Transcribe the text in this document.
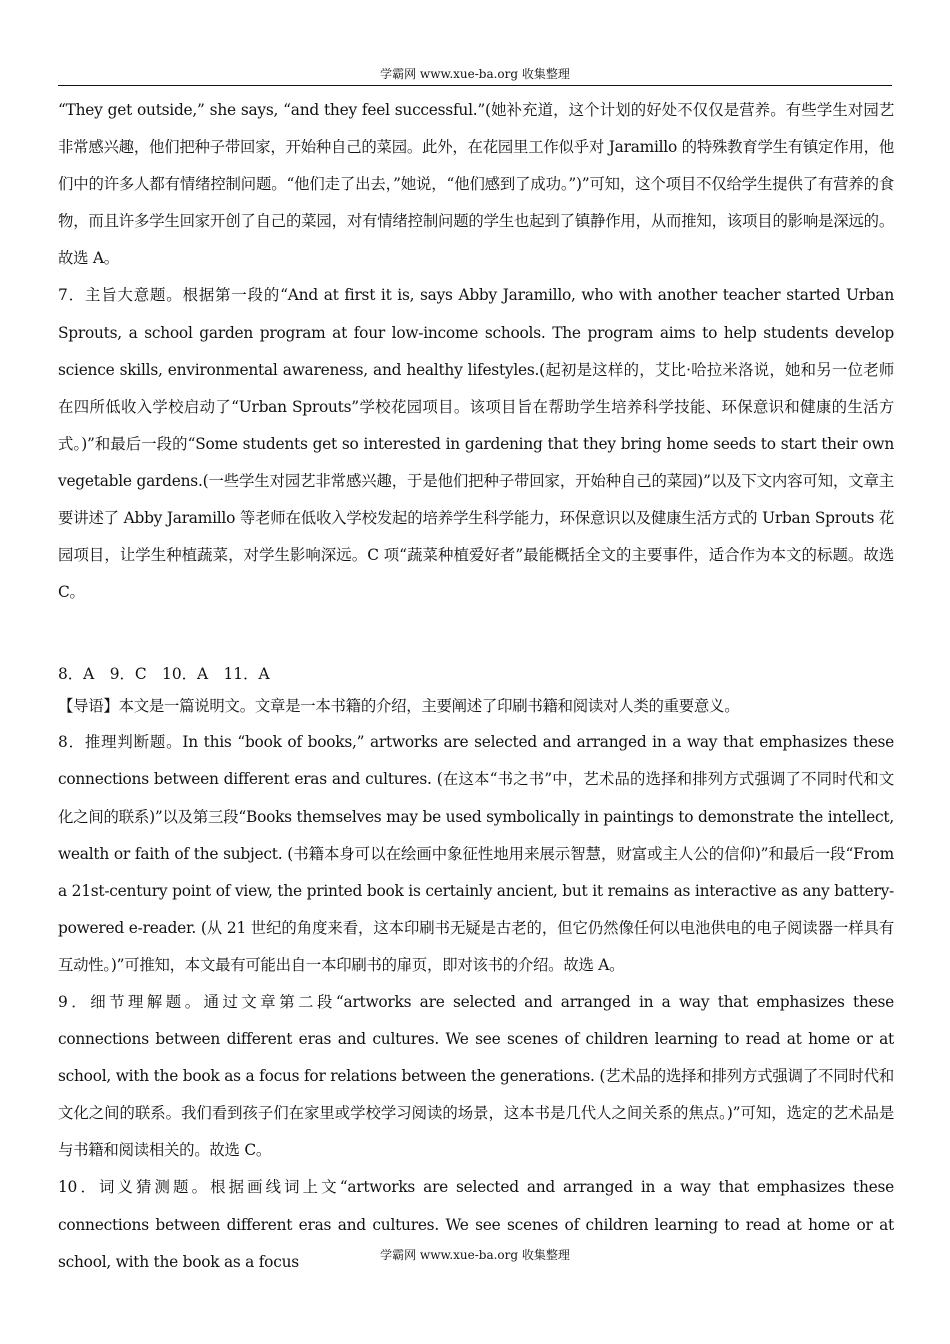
学霸网 www.xue-ba.org 收集整理

“They get outside,” she says, “and they feel successful.”(她补充道，这个计划的好处不仅仅是营养。有些学生对园艺非常感兴趣，他们把种子带回家，开始种自己的菜园。此外，在花园里工作似乎对 Jaramillo 的特殊教育学生有镇定作用，他们中的许多人都有情绪控制问题。“他们走了出去，”她说，“他们感到了成功。”)”可知，这个项目不仅给学生提供了有营养的食物，而且许多学生回家开创了自己的菜园，对有情绪控制问题的学生也起到了镇静作用，从而推知，该项目的影响是深远的。故选 A。

7．主旨大意题。根据第一段的“And at first it is, says Abby Jaramillo, who with another teacher started Urban Sprouts, a school garden program at four low-income schools. The program aims to help students develop science skills, environmental awareness, and healthy lifestyles.(起初是这样的，艾比·哈拉米洛说，她和另一位老师在四所低收入学校启动了“Urban Sprouts”学校花园项目。该项目旨在帮助学生培养科学技能、环保意识和健康的生活方式。)”和最后一段的“Some students get so interested in gardening that they bring home seeds to start their own vegetable gardens.(一些学生对园艺非常感兴趣，于是他们把种子带回家，开始种自己的菜园)”以及下文内容可知，文章主要讲述了 Abby Jaramillo 等老师在低收入学校发起的培养学生科学能力，环保意识以及健康生活方式的 Urban Sprouts 花园项目，让学生种植蔬菜，对学生影响深远。C 项“蔬菜种植爱好者”最能概括全文的主要事件，适合作为本文的标题。故选 C。

8．A　9．C　10．A　11．A

【导语】本文是一篇说明文。文章是一本书籍的介绍，主要阐述了印刷书籍和阅读对人类的重要意义。

8．推理判断题。In this “book of books,” artworks are selected and arranged in a way that emphasizes these connections between different eras and cultures. (在这本“书之书”中，艺术品的选择和排列方式强调了不同时代和文化之间的联系)”以及第三段“Books themselves may be used symbolically in paintings to demonstrate the intellect, wealth or faith of the subject. (书籍本身可以在绘画中象征性地用来展示智慧，财富或主人公的信仰)”和最后一段“From a 21st-century point of view, the printed book is certainly ancient, but it remains as interactive as any battery-powered e-reader. (从 21 世纪的角度来看，这本印刷书无疑是古老的，但它仍然像任何以电池供电的电子阅读器一样具有互动性。)”可推知，本文最有可能出自一本印刷书的扉页，即对该书的介绍。故选 A。

9．细节理解题。通过文章第二段“artworks are selected and arranged in a way that emphasizes these connections between different eras and cultures. We see scenes of children learning to read at home or at school, with the book as a focus for relations between the generations. (艺术品的选择和排列方式强调了不同时代和文化之间的联系。我们看到孩子们在家里或学校学习阅读的场景，这本书是几代人之间关系的焦点。)”可知，选定的艺术品是与书籍和阅读相关的。故选 C。

10．词义猜测题。根据画线词上文“artworks are selected and arranged in a way that emphasizes these connections between different eras and cultures. We see scenes of children learning to read at home or at school, with the book as a focus	学霸网 www.xue-ba.org 收集整理
